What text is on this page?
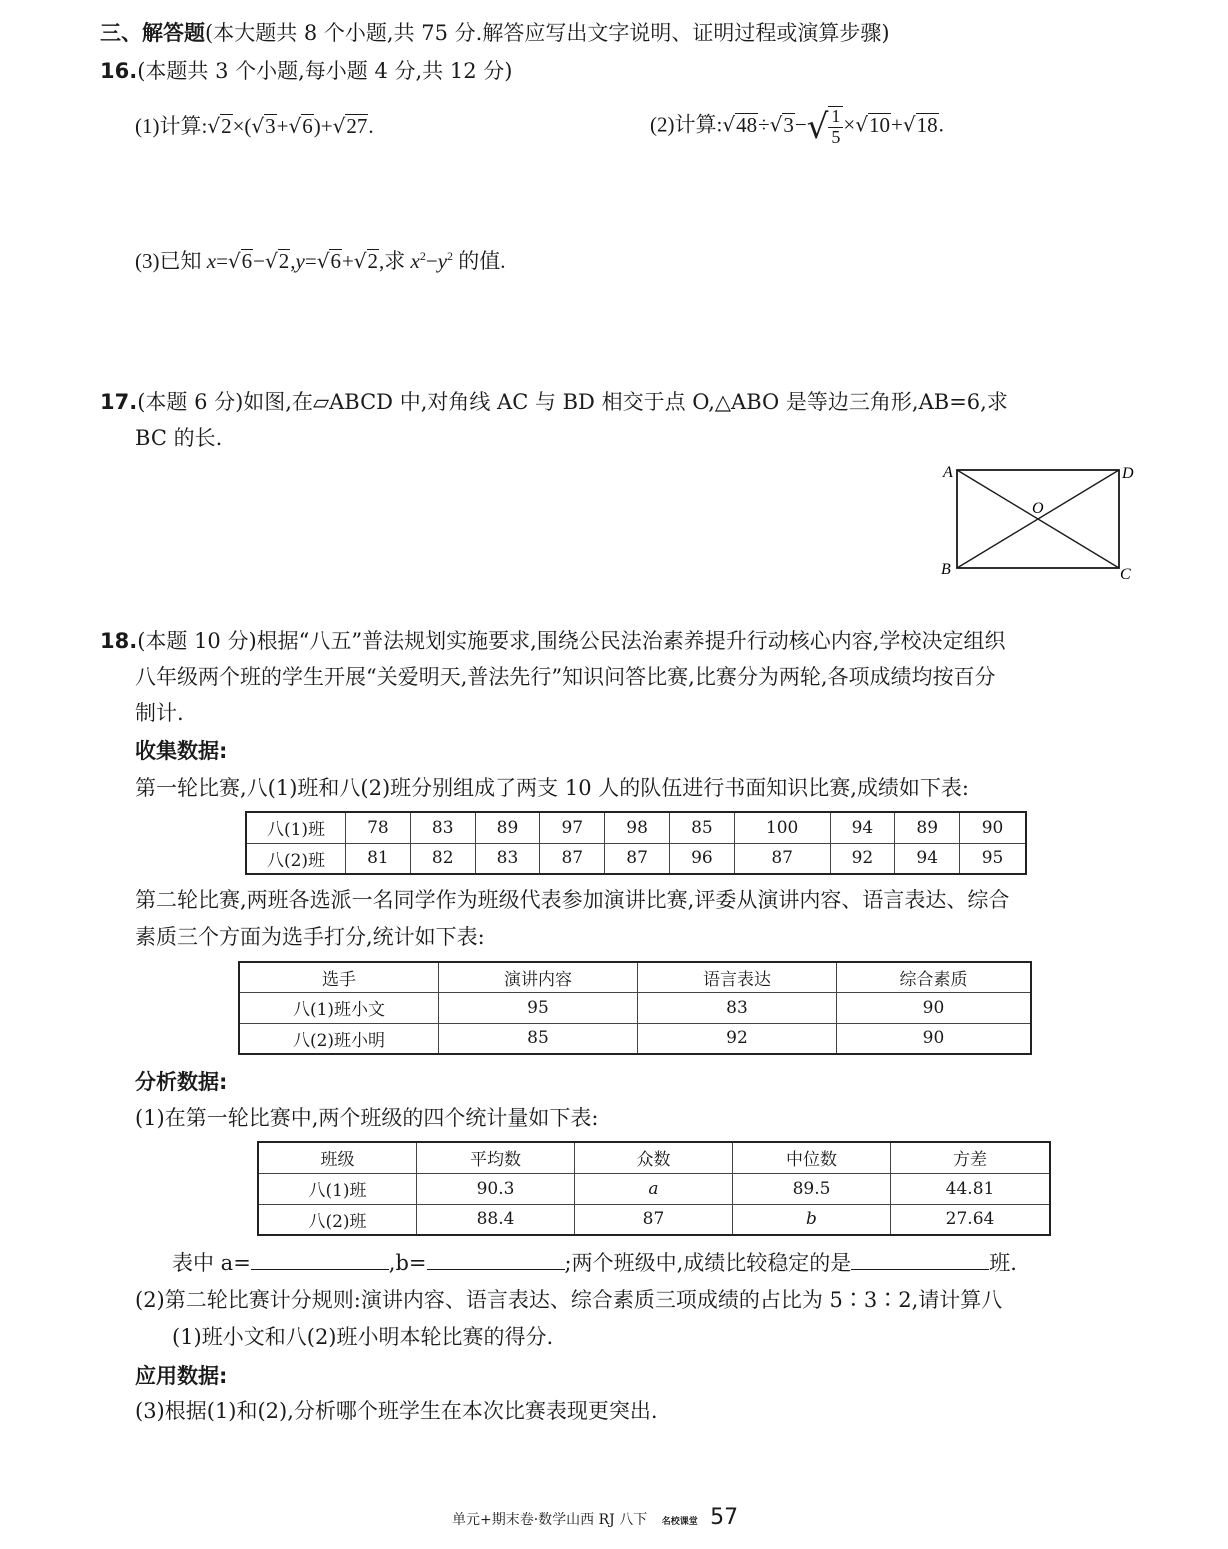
三、解答题(本大题共 8 个小题,共 75 分.解答应写出文字说明、证明过程或演算步骤)
16.(本题共 3 个小题,每小题 4 分,共 12 分)
(1)计算:√2×(√3+√6)+√27.	(2)计算:√48÷√3−√ $\frac{1}{5} \times√10+√18$.
(3)已知 x=√6−√2,y=√6+√2,求 $x^2-y^2$ 的值.
17.(本题 6 分)如图,在▱ABCD 中,对角线 AC 与 BD 相交于点 O,△ABO 是等边三角形,AB=6,求
BC 的长.
A	D
O
B	C
18.(本题 10 分)根据“八五”普法规划实施要求,围绕公民法治素养提升行动核心内容,学校决定组织
八年级两个班的学生开展“关爱明天,普法先行”知识问答比赛,比赛分为两轮,各项成绩均按百分
制计.
收集数据:
第一轮比赛,八(1)班和八(2)班分别组成了两支 10 人的队伍进行书面知识比赛,成绩如下表:
八(1)班	78	83	89	97	98	85	100	94	89	90
八(2)班	81	82	83	87	87	96	87	92	94	95
第二轮比赛,两班各选派一名同学作为班级代表参加演讲比赛,评委从演讲内容、语言表达、综合
素质三个方面为选手打分,统计如下表:
选手	演讲内容	语言表达	综合素质
八(1)班小文	95	83	90
八(2)班小明	85	92	90
分析数据:
(1)在第一轮比赛中,两个班级的四个统计量如下表:
班级	平均数	众数	中位数	方差
八(1)班	90.3	a	89.5	44.81
八(2)班	88.4	87	b	27.64
表中 a=	,b=	;两个班级中,成绩比较稳定的是	班.
(2)第二轮比赛计分规则:演讲内容、语言表达、综合素质三项成绩的占比为 5∶3∶2,请计算八
(1)班小文和八(2)班小明本轮比赛的得分.
应用数据:
(3)根据(1)和(2),分析哪个班学生在本次比赛表现更突出.
单元+期末卷·数学山西 RJ 八下 名校课堂 57
